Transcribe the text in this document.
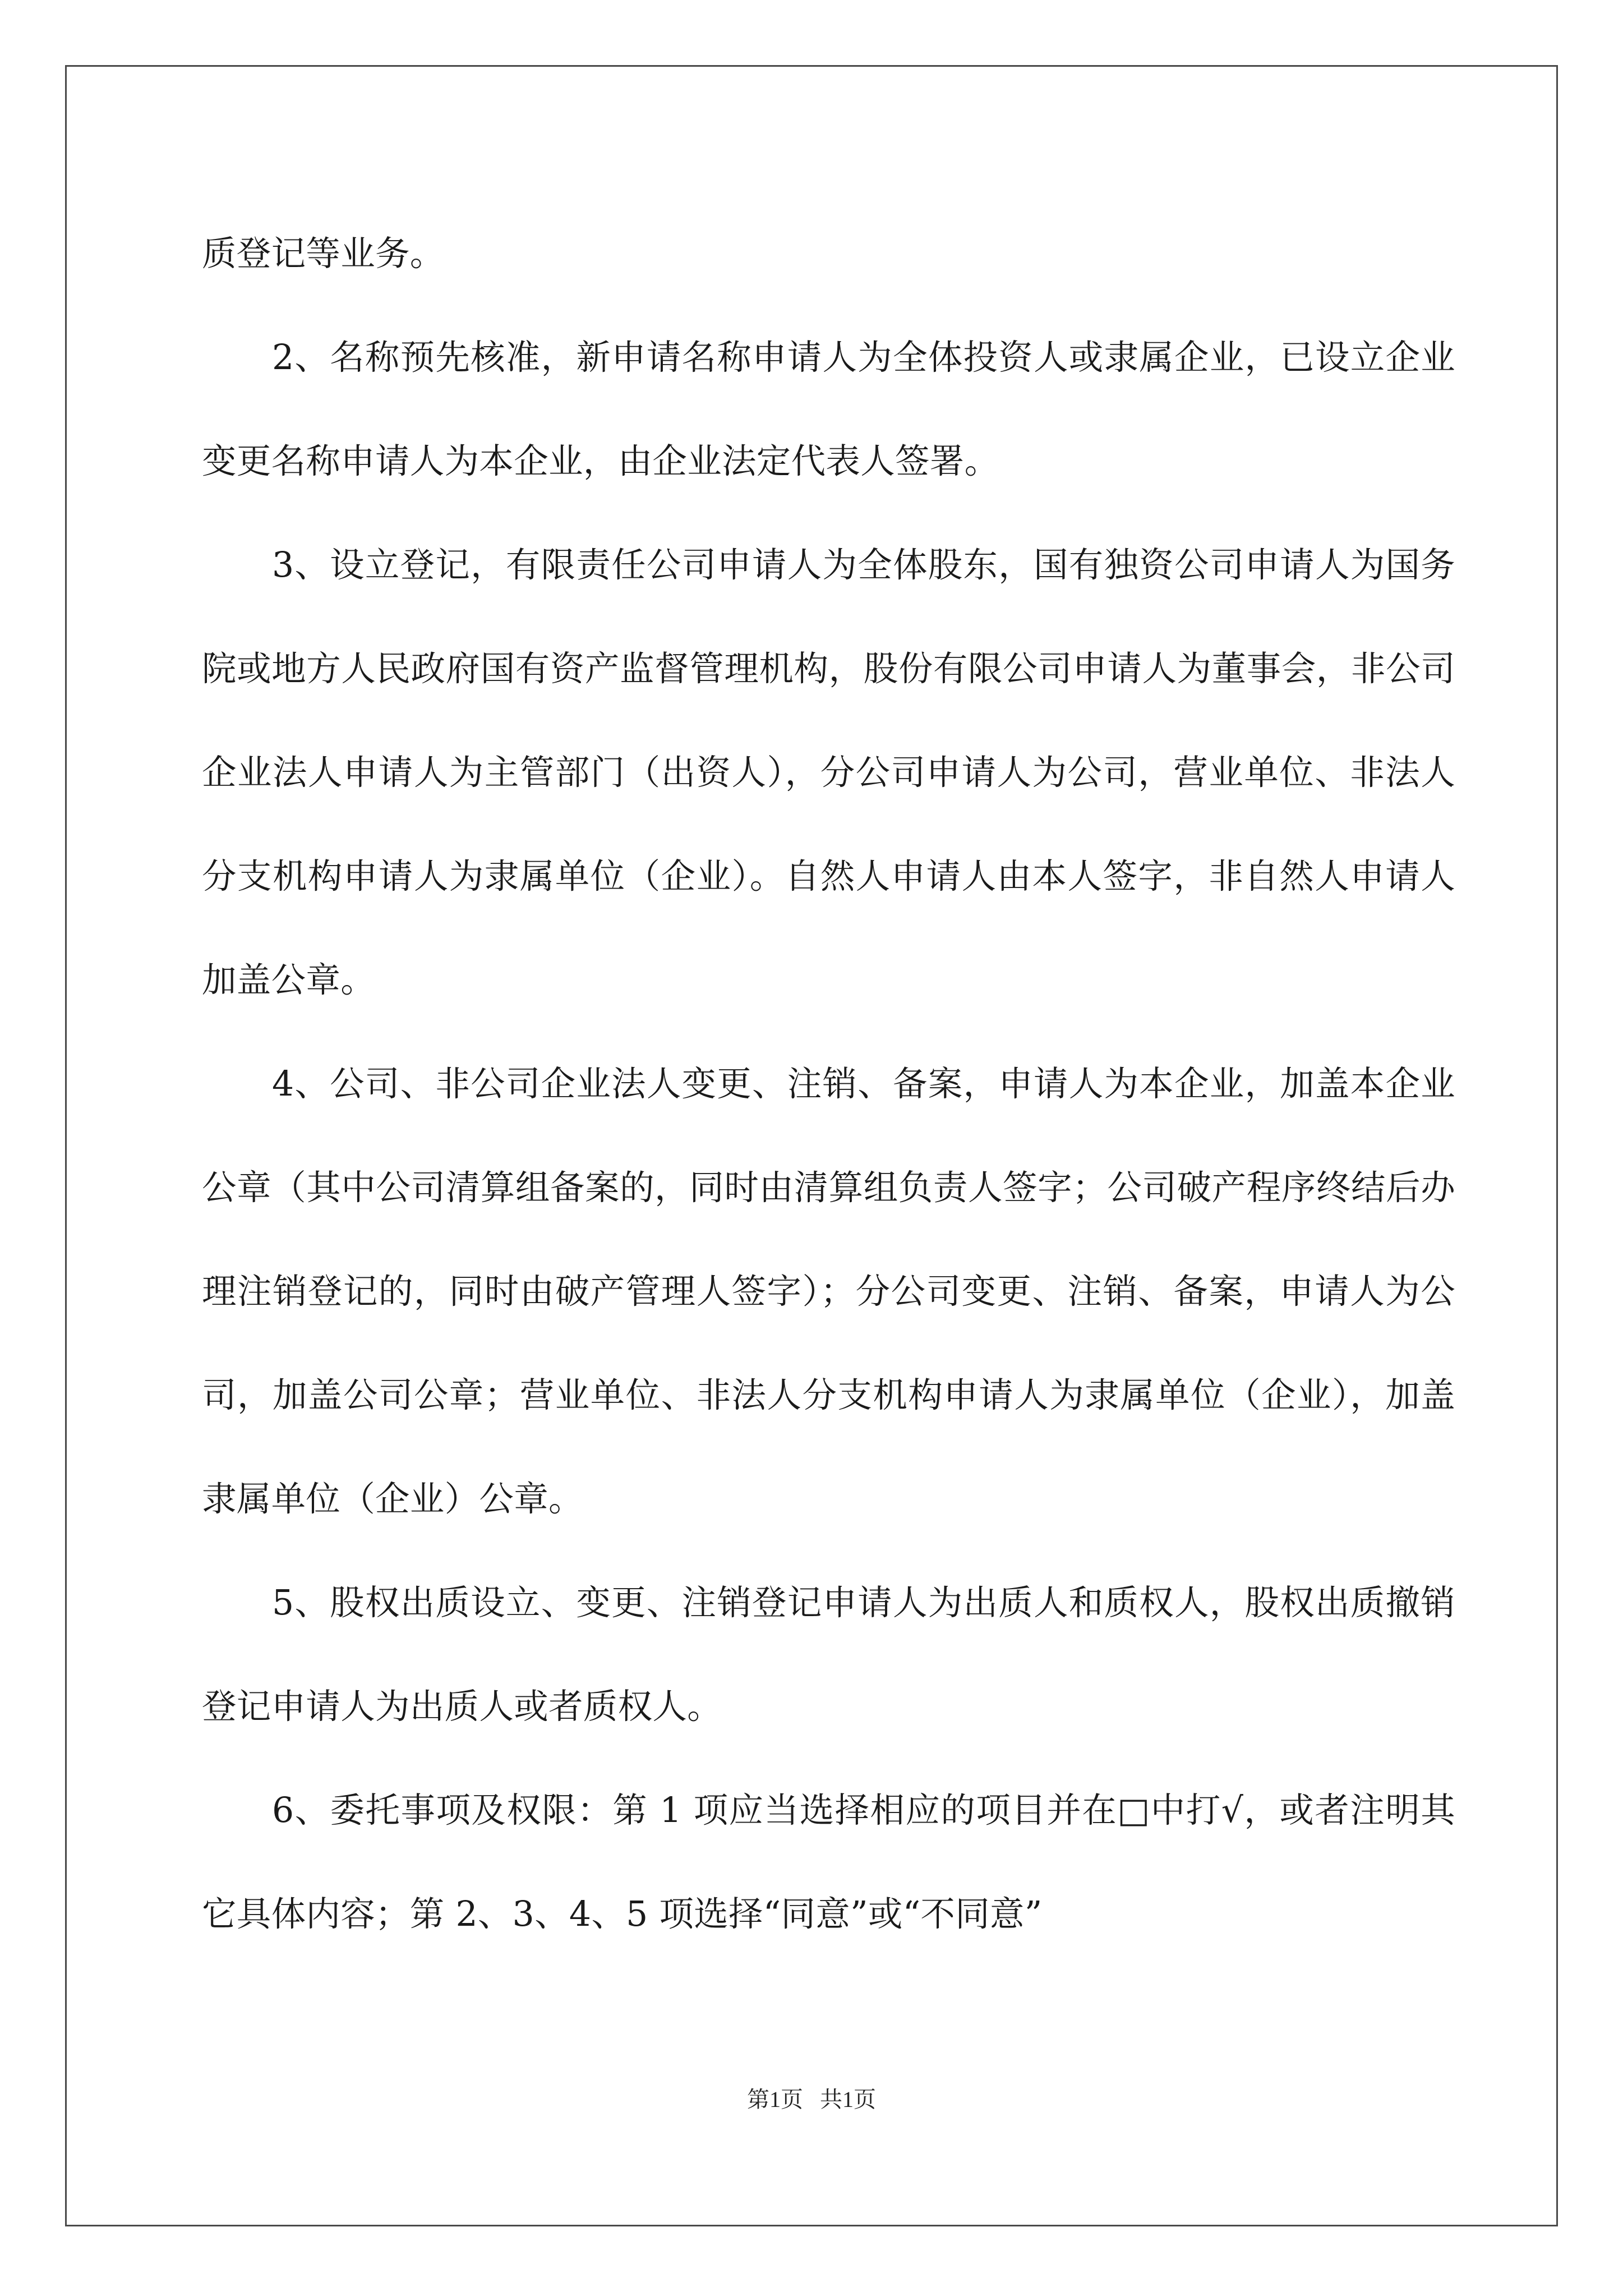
质登记等业务。

2、名称预先核准，新申请名称申请人为全体投资人或隶属企业，已设立企业变更名称申请人为本企业，由企业法定代表人签署。

3、设立登记，有限责任公司申请人为全体股东，国有独资公司申请人为国务院或地方人民政府国有资产监督管理机构，股份有限公司申请人为董事会，非公司企业法人申请人为主管部门（出资人），分公司申请人为公司，营业单位、非法人分支机构申请人为隶属单位（企业）。自然人申请人由本人签字，非自然人申请人加盖公章。

4、公司、非公司企业法人变更、注销、备案，申请人为本企业，加盖本企业公章（其中公司清算组备案的，同时由清算组负责人签字；公司破产程序终结后办理注销登记的，同时由破产管理人签字）；分公司变更、注销、备案，申请人为公司，加盖公司公章；营业单位、非法人分支机构申请人为隶属单位（企业），加盖隶属单位（企业）公章。

5、股权出质设立、变更、注销登记申请人为出质人和质权人，股权出质撤销登记申请人为出质人或者质权人。

6、委托事项及权限：第 1 项应当选择相应的项目并在□中打√，或者注明其它具体内容；第 2、3、4、5 项选择“同意”或“不同意”

第1页 共1页
